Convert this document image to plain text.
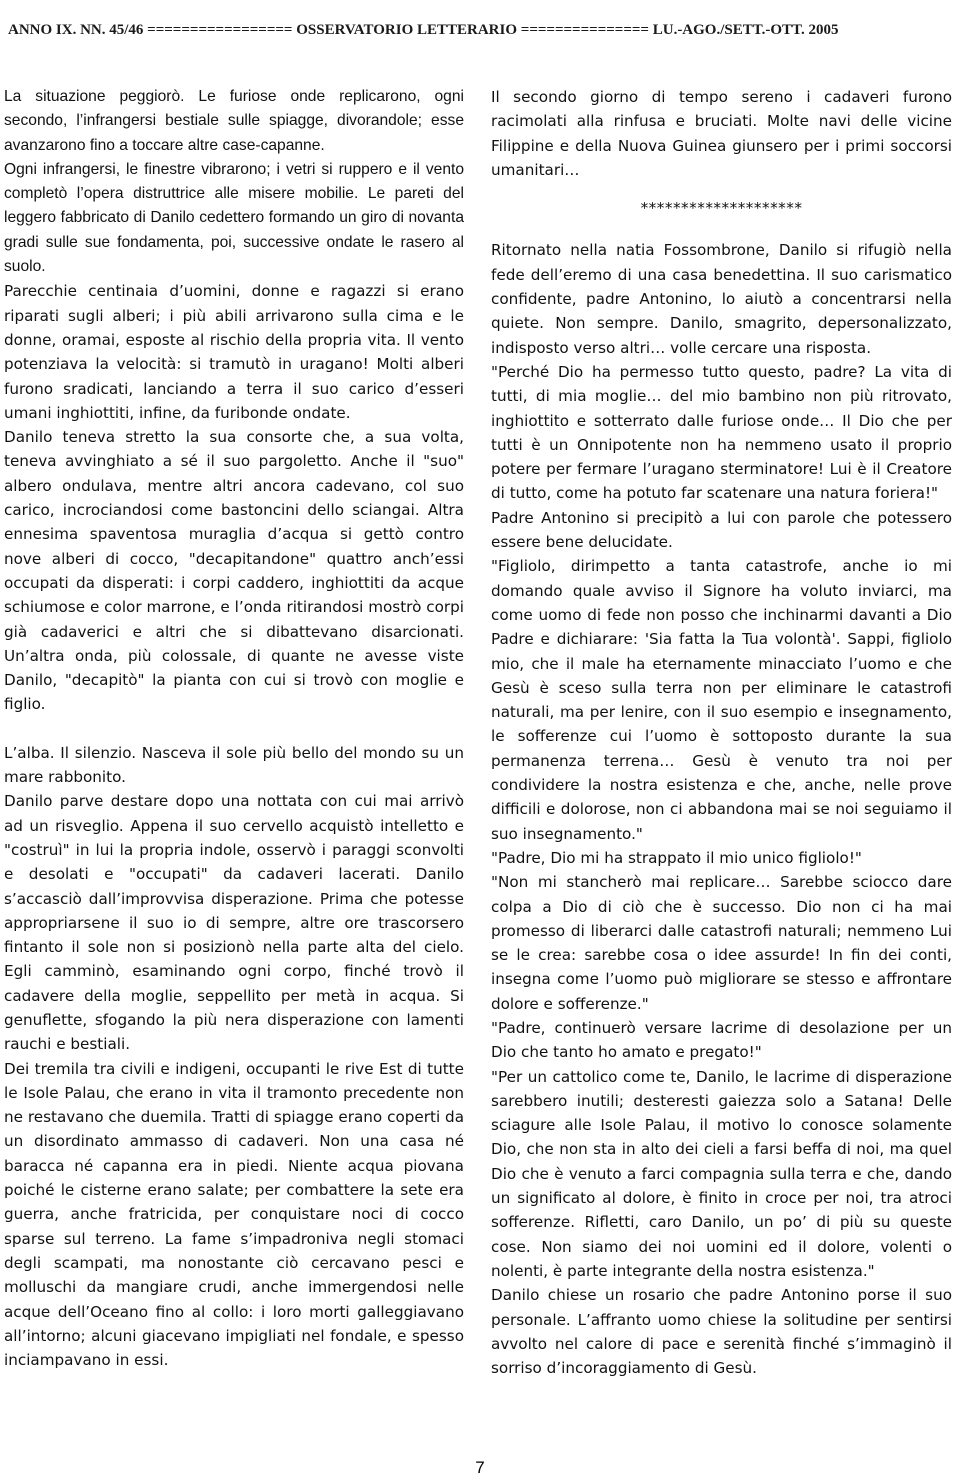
ANNO IX. NN. 45/46 ================= OSSERVATORIO LETTERARIO =============== LU.-AGO./SETT.-OTT. 2005

La situazione peggiorò. Le furiose onde replicarono, ogni secondo, l’infrangersi bestiale sulle spiagge, divorandole; esse avanzarono fino a toccare altre case-capanne.

Ogni infrangersi, le finestre vibrarono; i vetri si ruppero e il vento completò l’opera distruttrice alle misere mobilie. Le pareti del leggero fabbricato di Danilo cedettero formando un giro di novanta gradi sulle sue fondamenta, poi, successive ondate le rasero al suolo.

Parecchie centinaia d’uomini, donne e ragazzi si erano riparati sugli alberi; i più abili arrivarono sulla cima e le donne, oramai, esposte al rischio della propria vita. Il vento potenziava la velocità: si tramutò in uragano! Molti alberi furono sradicati, lanciando a terra il suo carico d’esseri umani inghiottiti, infine, da furibonde ondate.

Danilo teneva stretto la sua consorte che, a sua volta, teneva avvinghiato a sé il suo pargoletto. Anche il "suo" albero ondulava, mentre altri ancora cadevano, col suo carico, incrociandosi come bastoncini dello sciangai. Altra ennesima spaventosa muraglia d’acqua si gettò contro nove alberi di cocco, "decapitandone" quattro anch’essi occupati da disperati: i corpi caddero, inghiottiti da acque schiumose e color marrone, e l’onda ritirandosi mostrò corpi già cadaverici e altri che si dibattevano disarcionati. Un’altra onda, più colossale, di quante ne avesse viste Danilo, "decapitò" la pianta con cui si trovò con moglie e figlio.

L’alba. Il silenzio. Nasceva il sole più bello del mondo su un mare rabbonito.

Danilo parve destare dopo una nottata con cui mai arrivò ad un risveglio. Appena il suo cervello acquistò intelletto e "costruì" in lui la propria indole, osservò i paraggi sconvolti e desolati e "occupati" da cadaveri lacerati. Danilo s’accasciò dall’improvvisa disperazione. Prima che potesse appropriarsene il suo io di sempre, altre ore trascorsero fintanto il sole non si posizionò nella parte alta del cielo. Egli camminò, esaminando ogni corpo, finché trovò il cadavere della moglie, seppellito per metà in acqua. Si genuflette, sfogando la più nera disperazione con lamenti rauchi e bestiali.

Dei tremila tra civili e indigeni, occupanti le rive Est di tutte le Isole Palau, che erano in vita il tramonto precedente non ne restavano che duemila. Tratti di spiagge erano coperti da un disordinato ammasso di cadaveri. Non una casa né baracca né capanna era in piedi. Niente acqua piovana poiché le cisterne erano salate; per combattere la sete era guerra, anche fratricida, per conquistare noci di cocco sparse sul terreno. La fame s’impadroniva negli stomaci degli scampati, ma nonostante ciò cercavano pesci e molluschi da mangiare crudi, anche immergendosi nelle acque dell’Oceano fino al collo: i loro morti galleggiavano all’intorno; alcuni giacevano impigliati nel fondale, e spesso inciampavano in essi.

Il secondo giorno di tempo sereno i cadaveri furono racimolati alla rinfusa e bruciati. Molte navi delle vicine Filippine e della Nuova Guinea giunsero per i primi soccorsi umanitari…

********************

Ritornato nella natia Fossombrone, Danilo si rifugiò nella fede dell’eremo di una casa benedettina. Il suo carismatico confidente, padre Antonino, lo aiutò a concentrarsi nella quiete. Non sempre. Danilo, smagrito, depersonalizzato, indisposto verso altri… volle cercare una risposta.

"Perché Dio ha permesso tutto questo, padre? La vita di tutti, di mia moglie… del mio bambino non più ritrovato, inghiottito e sotterrato dalle furiose onde… Il Dio che per tutti è un Onnipotente non ha nemmeno usato il proprio potere per fermare l’uragano sterminatore! Lui è il Creatore di tutto, come ha potuto far scatenare una natura foriera!"

Padre Antonino si precipitò a lui con parole che potessero essere bene delucidate.

"Figliolo, dirimpetto a tanta catastrofe, anche io mi domando quale avviso il Signore ha voluto inviarci, ma come uomo di fede non posso che inchinarmi davanti a Dio Padre e dichiarare: 'Sia fatta la Tua volontà'. Sappi, figliolo mio, che il male ha eternamente minacciato l’uomo e che Gesù è sceso sulla terra non per eliminare le catastrofi naturali, ma per lenire, con il suo esempio e insegnamento, le sofferenze cui l’uomo è sottoposto durante la sua permanenza terrena… Gesù è venuto tra noi per condividere la nostra esistenza e che, anche, nelle prove difficili e dolorose, non ci abbandona mai se noi seguiamo il suo insegnamento."

"Padre, Dio mi ha strappato il mio unico figliolo!"

"Non mi stancherò mai replicare… Sarebbe sciocco dare colpa a Dio di ciò che è successo. Dio non ci ha mai promesso di liberarci dalle catastrofi naturali; nemmeno Lui se le crea: sarebbe cosa o idee assurde! In fin dei conti, insegna come l’uomo può migliorare se stesso e affrontare dolore e sofferenze."

"Padre, continuerò versare lacrime di desolazione per un Dio che tanto ho amato e pregato!"

"Per un cattolico come te, Danilo, le lacrime di disperazione sarebbero inutili; desteresti gaiezza solo a Satana! Delle sciagure alle Isole Palau, il motivo lo conosce solamente Dio, che non sta in alto dei cieli a farsi beffa di noi, ma quel Dio che è venuto a farci compagnia sulla terra e che, dando un significato al dolore, è finito in croce per noi, tra atroci sofferenze. Rifletti, caro Danilo, un po’ di più su queste cose. Non siamo dei noi uomini ed il dolore, volenti o nolenti, è parte integrante della nostra esistenza."

Danilo chiese un rosario che padre Antonino porse il suo personale. L’affranto uomo chiese la solitudine per sentirsi avvolto nel calore di pace e serenità finché s’immaginò il sorriso d’incoraggiamento di Gesù.

7
